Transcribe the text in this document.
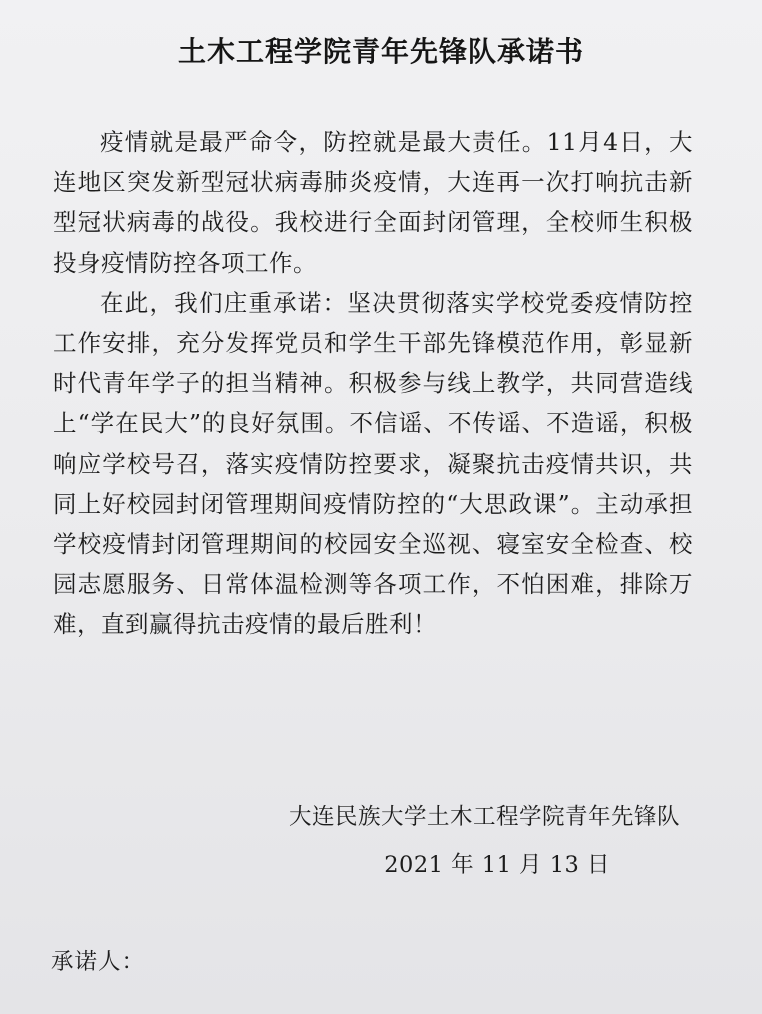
土木工程学院青年先锋队承诺书

疫情就是最严命令，防控就是最大责任。11月4日，大连地区突发新型冠状病毒肺炎疫情，大连再一次打响抗击新型冠状病毒的战役。我校进行全面封闭管理，全校师生积极投身疫情防控各项工作。

在此，我们庄重承诺：坚决贯彻落实学校党委疫情防控工作安排，充分发挥党员和学生干部先锋模范作用，彰显新时代青年学子的担当精神。积极参与线上教学，共同营造线上“学在民大”的良好氛围。不信谣、不传谣、不造谣，积极响应学校号召，落实疫情防控要求，凝聚抗击疫情共识，共同上好校园封闭管理期间疫情防控的“大思政课”。主动承担学校疫情封闭管理期间的校园安全巡视、寝室安全检查、校园志愿服务、日常体温检测等各项工作，不怕困难，排除万难，直到赢得抗击疫情的最后胜利！

大连民族大学土木工程学院青年先锋队
2021 年 11 月 13 日
承诺人：
